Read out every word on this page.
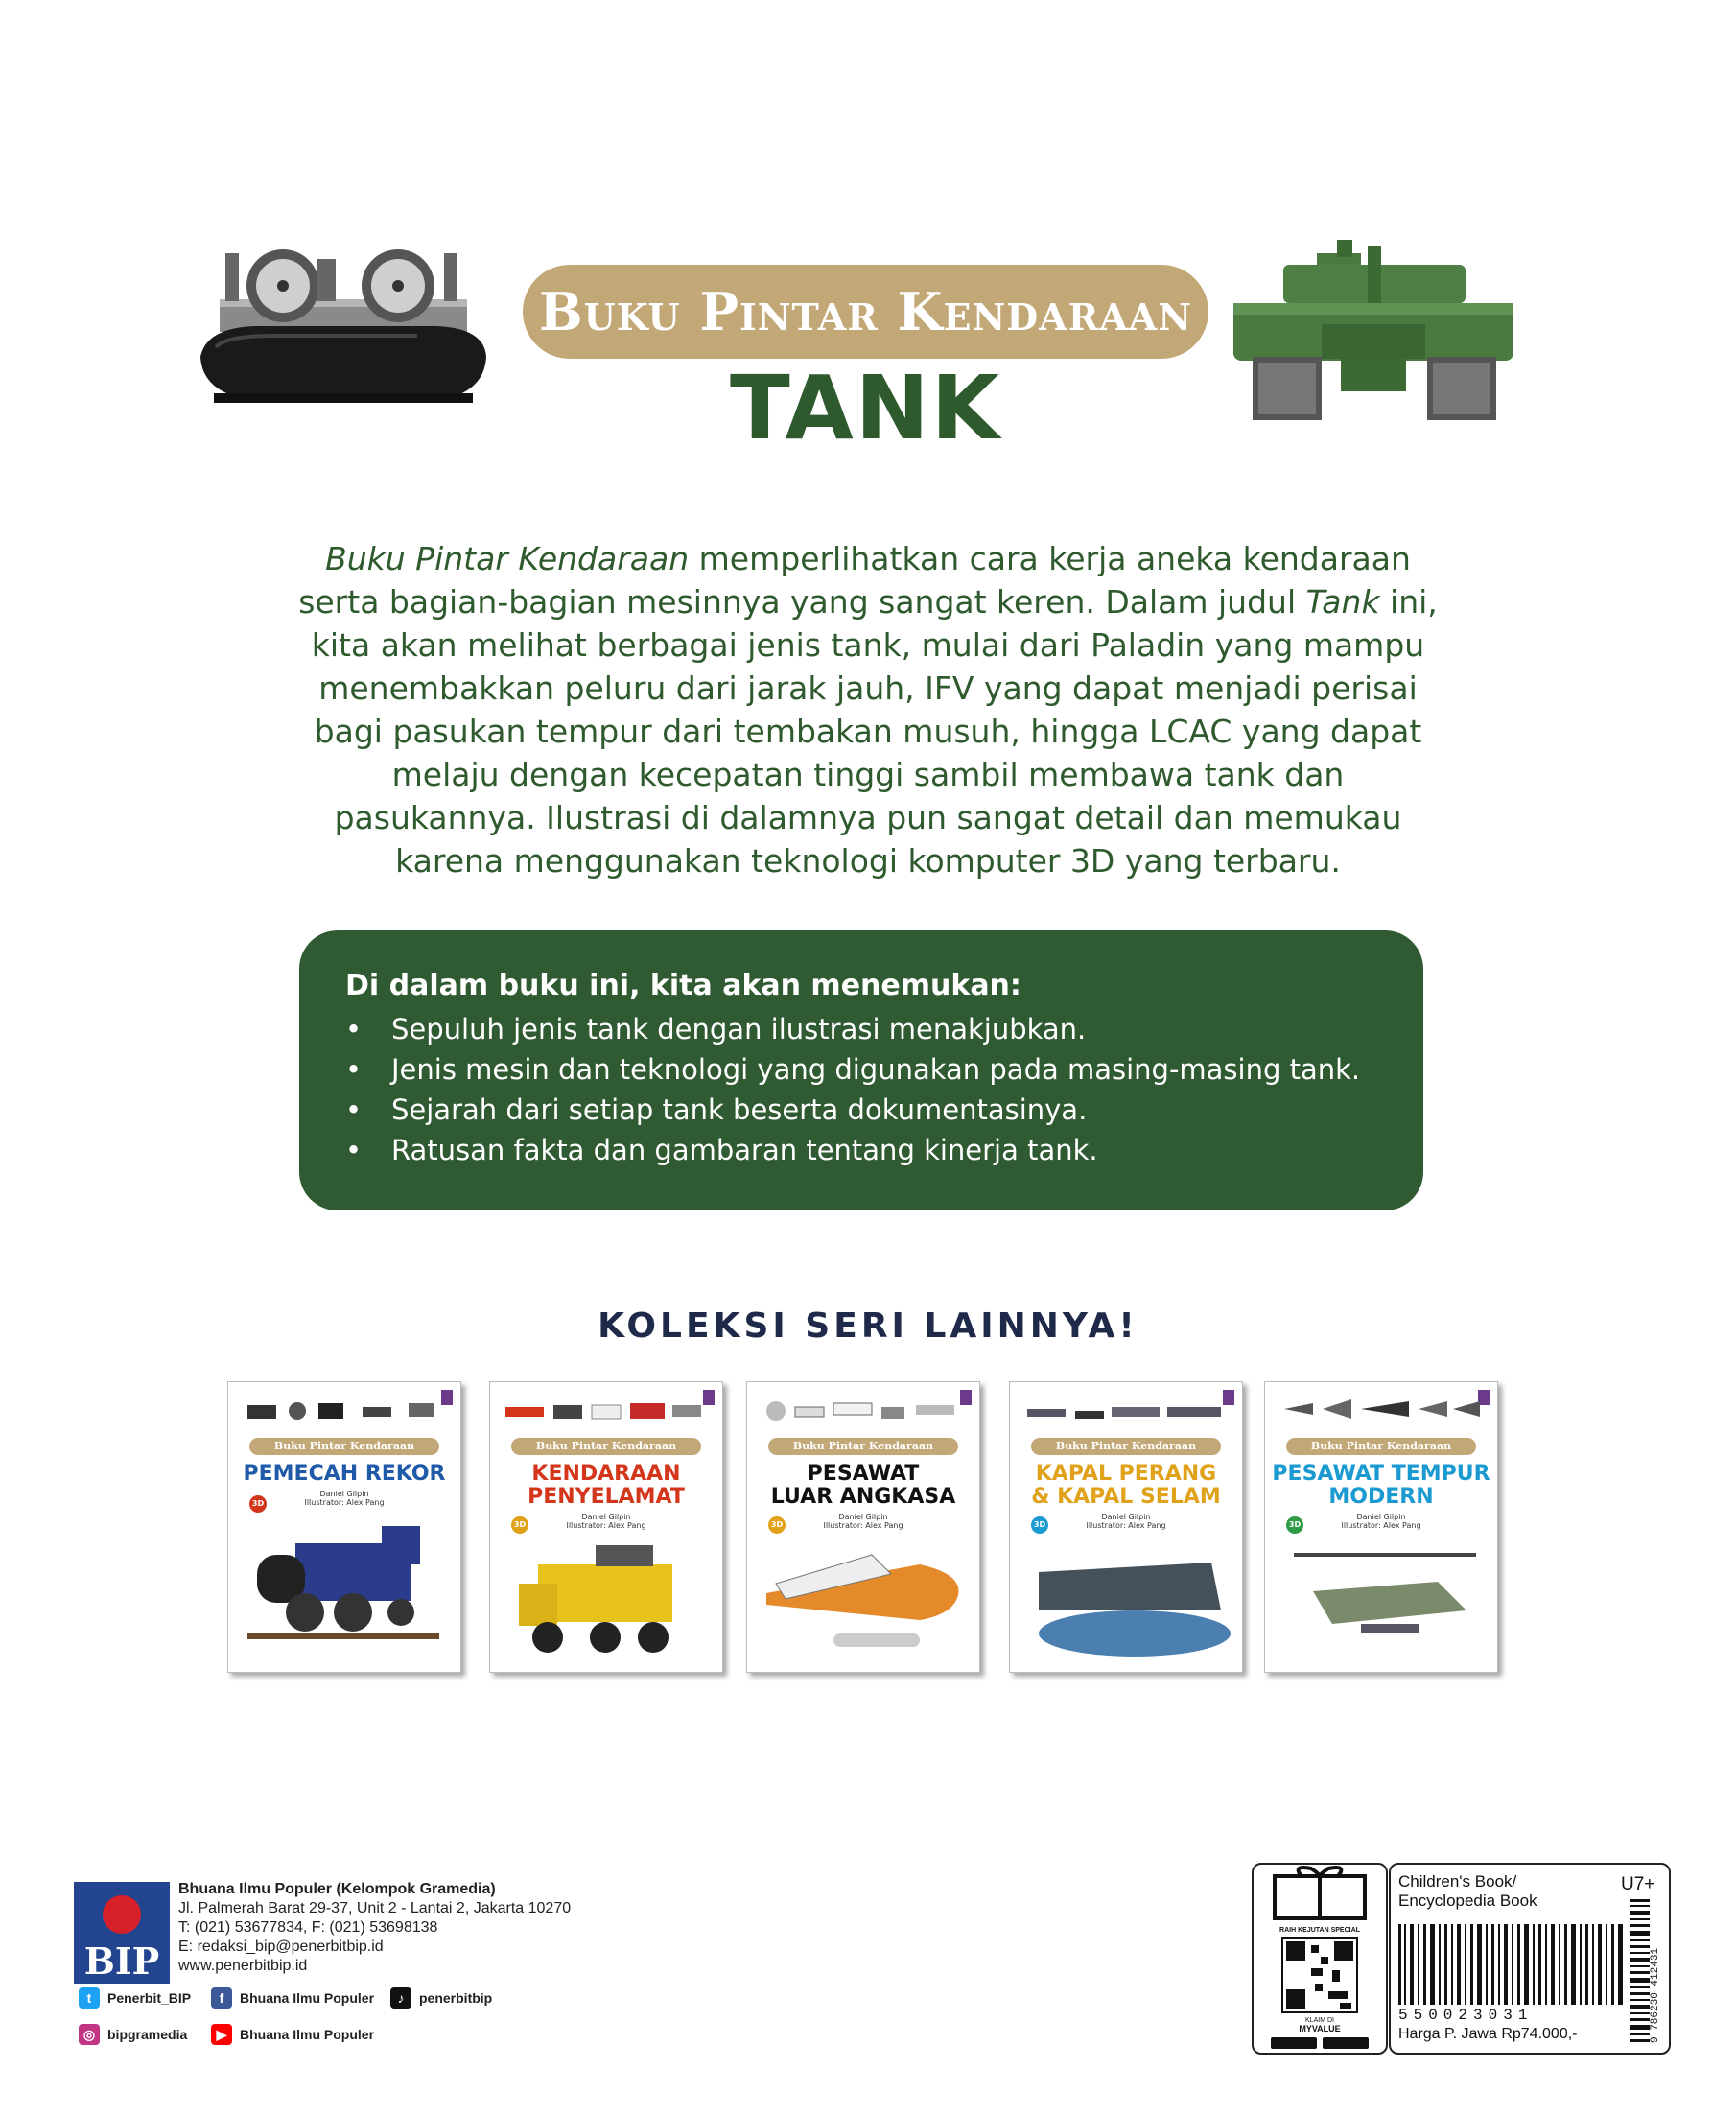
Buku Pintar Kendaraan
TANK
Buku Pintar Kendaraan memperlihatkan cara kerja aneka kendaraan serta bagian-bagian mesinnya yang sangat keren. Dalam judul Tank ini, kita akan melihat berbagai jenis tank, mulai dari Paladin yang mampu menembakkan peluru dari jarak jauh, IFV yang dapat menjadi perisai bagi pasukan tempur dari tembakan musuh, hingga LCAC yang dapat melaju dengan kecepatan tinggi sambil membawa tank dan pasukannya. Ilustrasi di dalamnya pun sangat detail dan memukau karena menggunakan teknologi komputer 3D yang terbaru.
Di dalam buku ini, kita akan menemukan:
• Sepuluh jenis tank dengan ilustrasi menakjubkan.
• Jenis mesin dan teknologi yang digunakan pada masing-masing tank.
• Sejarah dari setiap tank beserta dokumentasinya.
• Ratusan fakta dan gambaran tentang kinerja tank.
KOLEKSI SERI LAINNYA!
Buku Pintar Kendaraan
PEMECAH REKOR
Daniel Gilpin
Illustrator: Alex Pang
3D
Buku Pintar Kendaraan
KENDARAAN
PENYELAMAT
Daniel Gilpin
Illustrator: Alex Pang
3D
Buku Pintar Kendaraan
PESAWAT
LUAR ANGKASA
Daniel Gilpin
Illustrator: Alex Pang
3D
Buku Pintar Kendaraan
KAPAL PERANG
& KAPAL SELAM
Daniel Gilpin
Illustrator: Alex Pang
3D
Buku Pintar Kendaraan
PESAWAT TEMPUR
MODERN
Daniel Gilpin
Illustrator: Alex Pang
3D
BIP
Bhuana Ilmu Populer (Kelompok Gramedia)
Jl. Palmerah Barat 29-37, Unit 2 - Lantai 2, Jakarta 10270
T: (021) 53677834, F: (021) 53698138
E: redaksi_bip@penerbitbip.id
www.penerbitbip.id
t	Penerbit_BIP	f	Bhuana Ilmu Populer	♪	penerbitbip
◎ bipgramedia	▶ Bhuana Ilmu Populer
RAIH KEJUTAN SPECIAL
KLAIM DI
MYVALUE
Children's Book/ Encyclopedia Book
U7+
550023031
Harga P. Jawa Rp74.000,-	9 786230 412431
